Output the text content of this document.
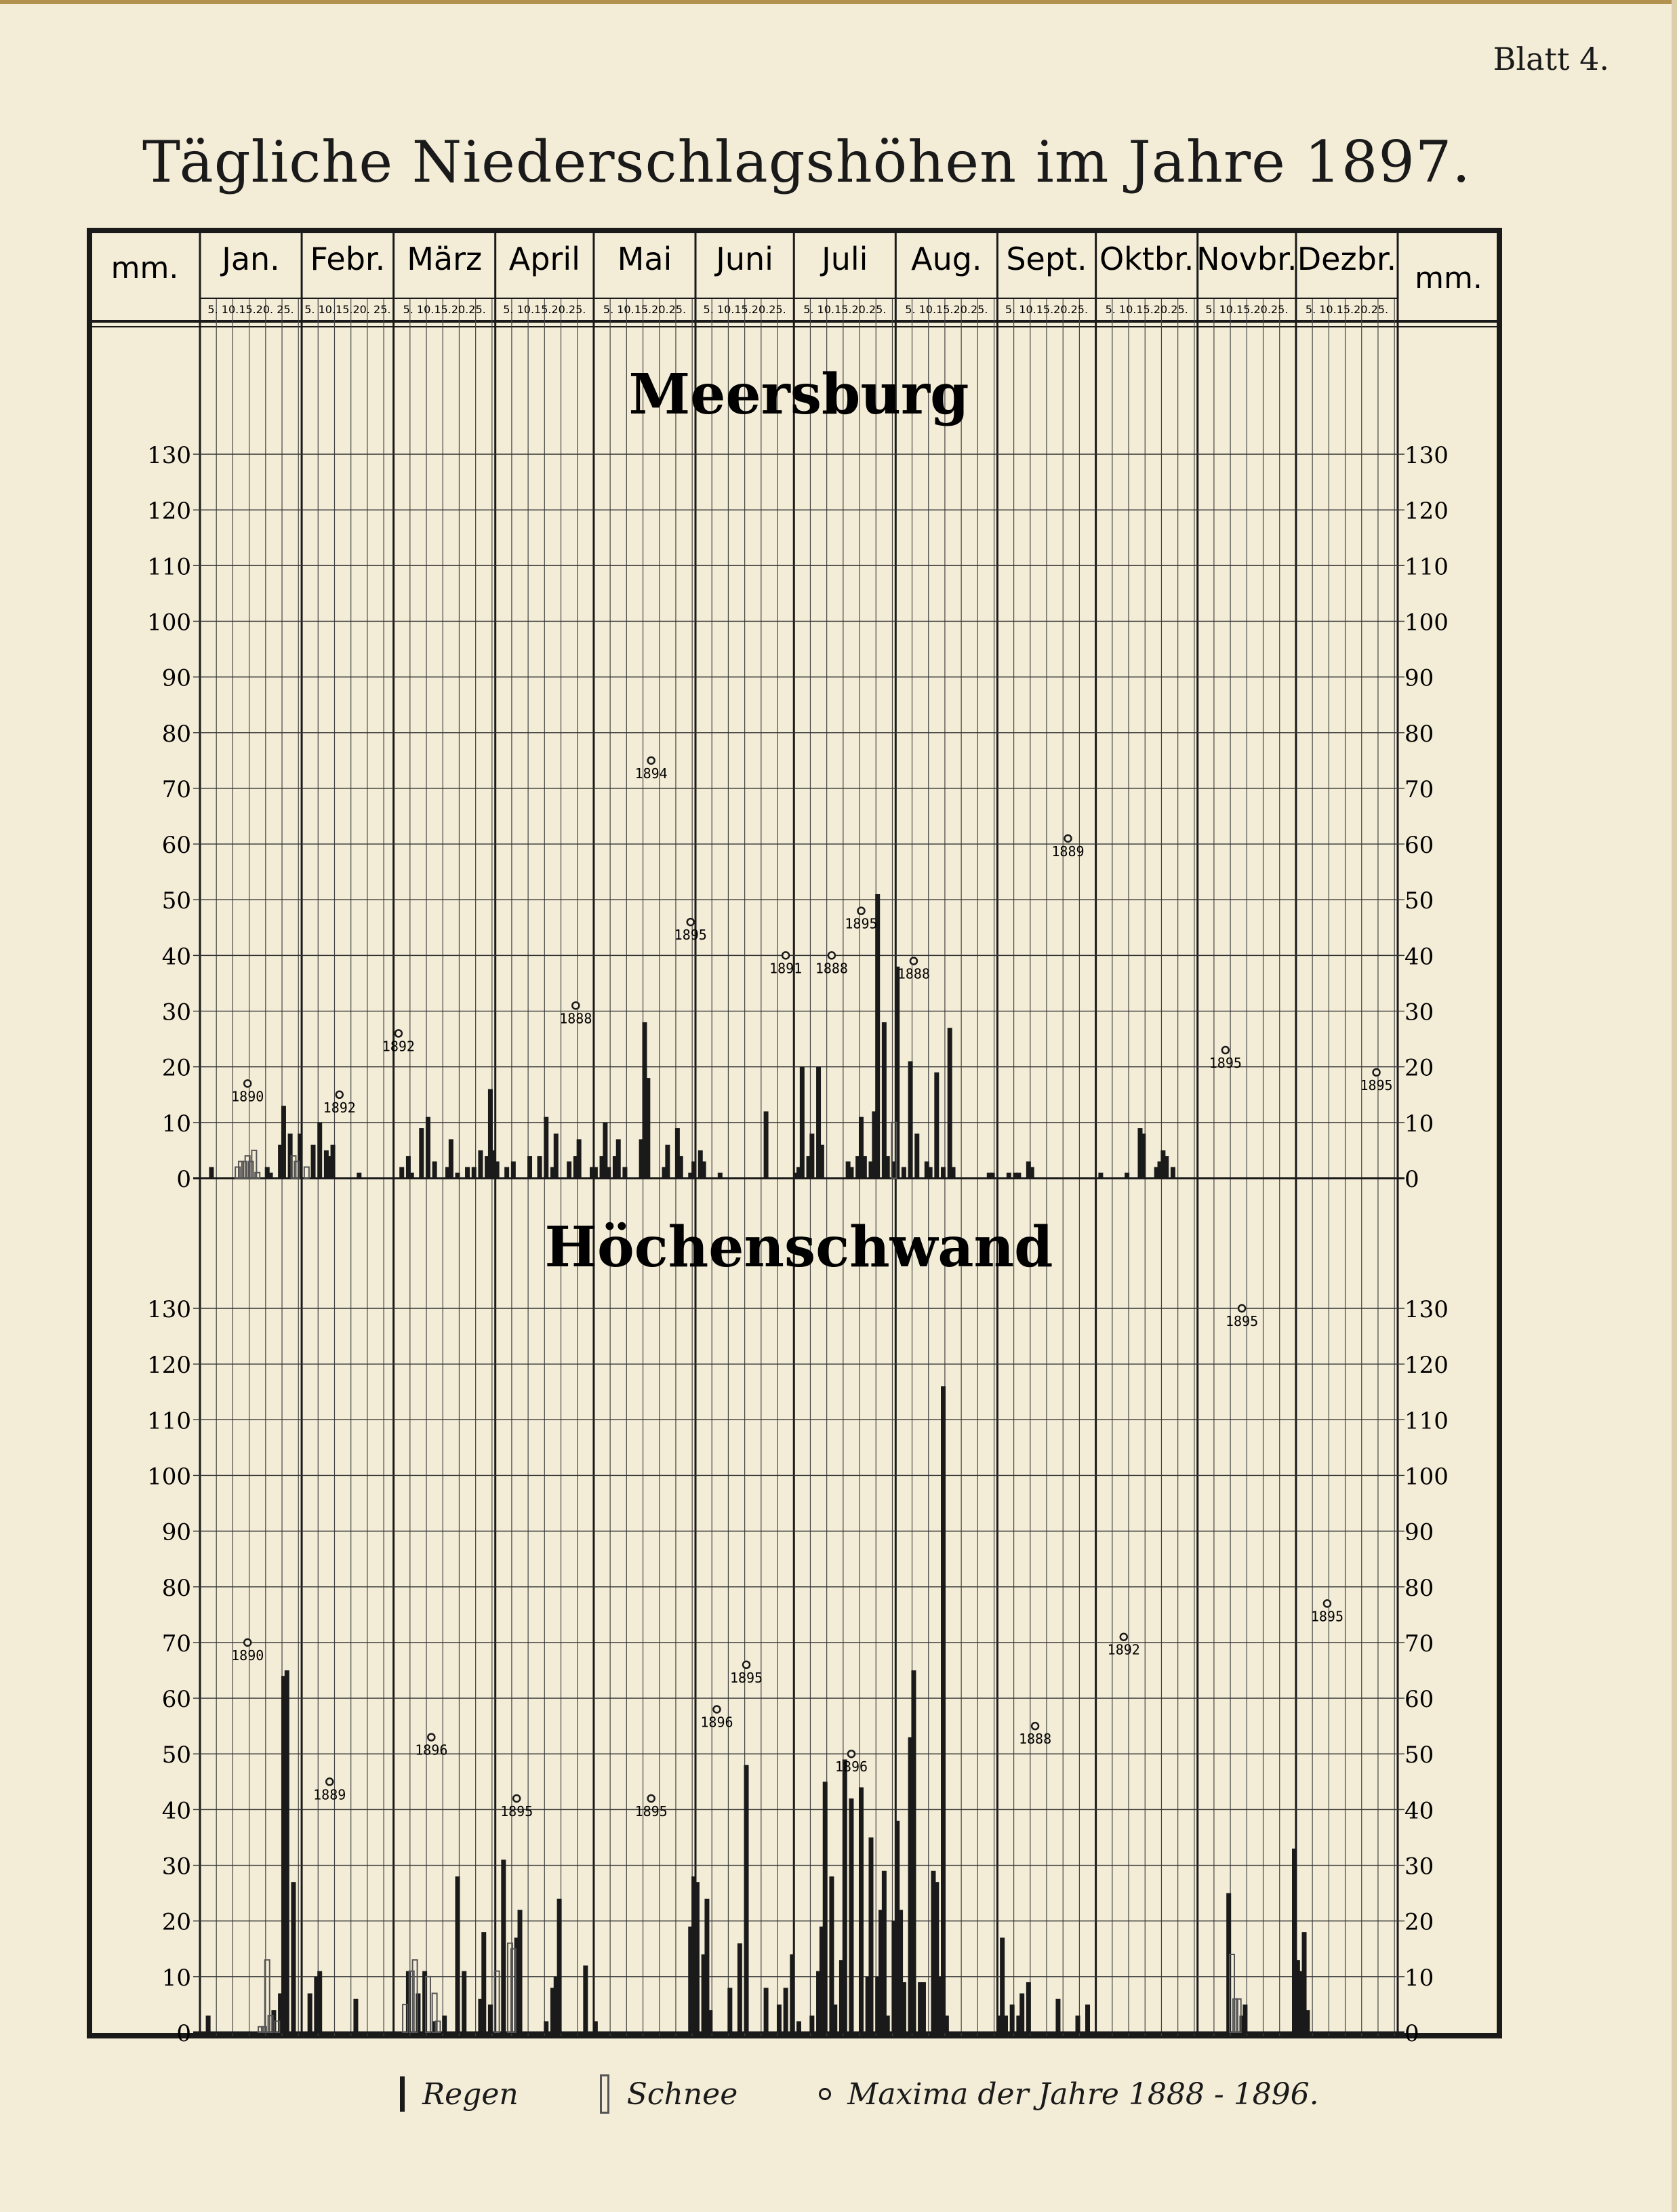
Blatt 4.
Tägliche Niederschlagshöhen im Jahre 1897.
mm.	mm.
Jan.
5. 10.15.20. 25.
Febr.
5. 10.15.20. 25.
März
5. 10.15.20.25.
April
5. 10.15.20.25.
Mai
5. 10.15.20.25.
Juni
5. 10.15.20.25.
Juli
5. 10.15.20.25.
Aug.
5. 10.15.20.25.
Sept.
5. 10.15.20.25.
Oktbr.
5. 10.15.20.25.
Novbr.
5. 10.15.20.25.
Dezbr.
5. 10.15.20.25.
Meersburg
0	0
10	10
20	20
30	30
40	40
50	50
60	60
70	70
80	80
90	90
100	100
110	110
120	120
130	130
1890
1892
1892
1888
1894
1895
1891 1888
1895
1888
1889
1895
1895
Höchenschwand
0	0
10	10
20	20
30	30
40	40
50	50
60	60
70	70
80	80
90	90
100	100
110	110
120	120
130	130
1890
1889
1896
1895	1895
1896
1895
1896
1888
1892
1895
1895
Regen	Schnee	Maxima der Jahre 1888 - 1896.
